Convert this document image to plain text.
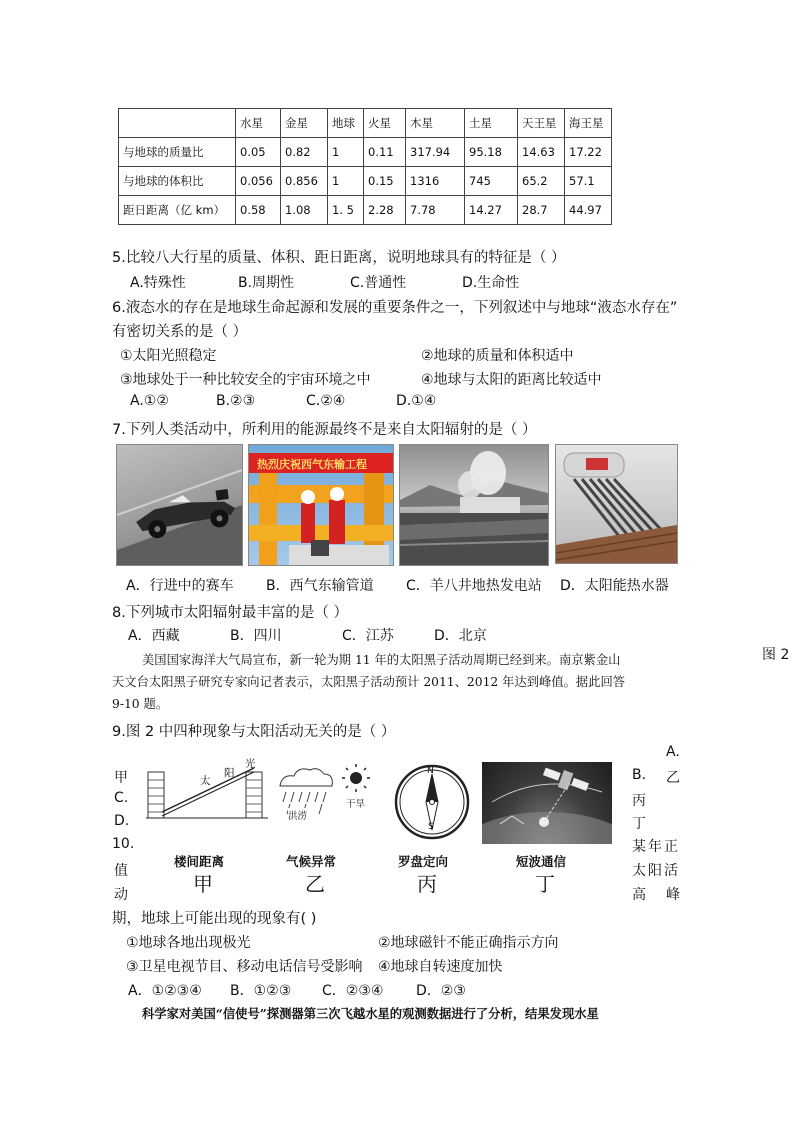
	水星	金星	地球	火星	木星	土星	天王星	海王星
与地球的质量比	0.05	0.82	1	0.11	317.94	95.18	14.63	17.22
与地球的体积比	0.056	0.856	1	0.15	1316	745	65.2	57.1
距日距离（亿 km）	0.58	1.08	1. 5	2.28	7.78	14.27	28.7	44.97
5.比较八大行星的质量、体积、距日距离，说明地球具有的特征是（ ）
A.特殊性	B.周期性	C.普通性	D.生命性
6.液态水的存在是地球生命起源和发展的重要条件之一，下列叙述中与地球“液态水存在”
有密切关系的是（ ）
①太阳光照稳定	②地球的质量和体积适中
③地球处于一种比较安全的宇宙环境之中	④地球与太阳的距离比较适中
A.①②	B.②③	C.②④	D.①④
7.下列人类活动中，所利用的能源最终不是来自太阳辐射的是（ ）
热烈庆祝西气东输工程
A．行进中的赛车 B．西气东输管道 C．羊八井地热发电站 D．太阳能热水器
8.下列城市太阳辐射最丰富的是（ ）
A．西藏	B．四川	C．江苏	D．北京
美国国家海洋大气局宣布，新一轮为期 11 年的太阳黑子活动周期已经到来。南京紫金山
天文台太阳黑子研究专家向记者表示，太阳黑子活动预计 2011、2012 年达到峰值。据此回答
9-10 题。
图 2
9.图 2 中四种现象与太阳活动无关的是（ ）
A.
甲	B. 乙
C.	丙
D.	丁
太
阳
光
洪涝
干旱
N
S
楼间距离	气候异常	罗盘定向	短波通信
甲	乙	丙	丁
10.	某年正
值	太阳活
动	高 峰
期，地球上可能出现的现象有( )
①地球各地出现极光	②地球磁针不能正确指示方向
③卫星电视节目、移动电话信号受影响 ④地球自转速度加快
A．①②③④ B．①②③ C．②③④ D．②③
科学家对美国“信使号”探测器第三次飞越水星的观测数据进行了分析，结果发现水星
